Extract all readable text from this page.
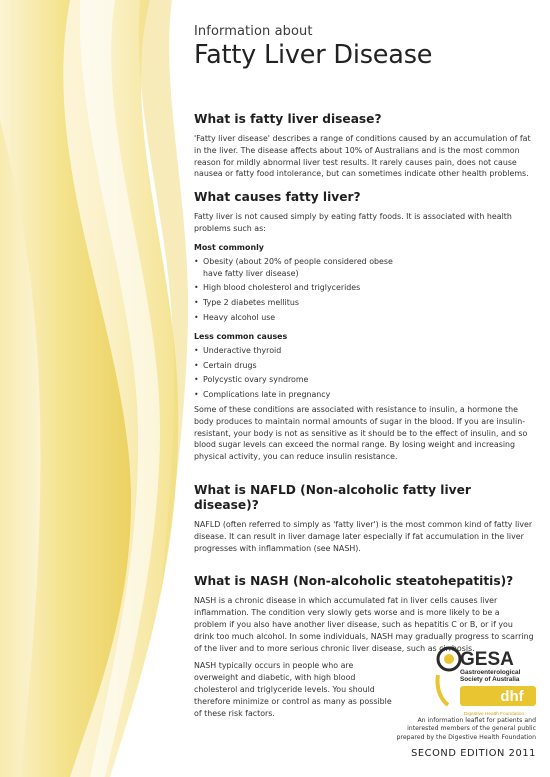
Information about
Fatty Liver Disease
What is fatty liver disease?

'Fatty liver disease' describes a range of conditions caused by an accumulation of fat in the liver. The disease affects about 10% of Australians and is the most common reason for mildly abnormal liver test results. It rarely causes pain, does not cause nausea or fatty food intolerance, but can sometimes indicate other health problems.

What causes fatty liver?

Fatty liver is not caused simply by eating fatty foods. It is associated with health problems such as:

Most commonly
• Obesity (about 20% of people considered obese have fatty liver disease)
• High blood cholesterol and triglycerides
• Type 2 diabetes mellitus
• Heavy alcohol use
Less common causes
• Underactive thyroid
• Certain drugs
• Polycystic ovary syndrome
• Complications late in pregnancy

Some of these conditions are associated with resistance to insulin, a hormone the body produces to maintain normal amounts of sugar in the blood. If you are insulin-resistant, your body is not as sensitive as it should be to the effect of insulin, and so blood sugar levels can exceed the normal range. By losing weight and increasing physical activity, you can reduce insulin resistance.

What is NAFLD (Non-alcoholic fatty liver disease)?

NAFLD (often referred to simply as 'fatty liver') is the most common kind of fatty liver disease. It can result in liver damage later especially if fat accumulation in the liver progresses with inflammation (see NASH).

What is NASH (Non-alcoholic steatohepatitis)?

NASH is a chronic disease in which accumulated fat in liver cells causes liver inflammation. The condition very slowly gets worse and is more likely to be a problem if you also have another liver disease, such as hepatitis C or B, or if you drink too much alcohol. In some individuals, NASH may gradually progress to scarring of the liver and to more serious chronic liver disease, such as cirrhosis.

NASH typically occurs in people who are overweight and diabetic, with high blood cholesterol and triglyceride levels. You should therefore minimize or control as many as possible of these risk factors.

GESA
Gastroenterological
Society of Australia
dhf
Digestive Health Foundation
An information leaflet for patients and
interested members of the general public
prepared by the Digestive Health Foundation
SECOND EDITION 2011
